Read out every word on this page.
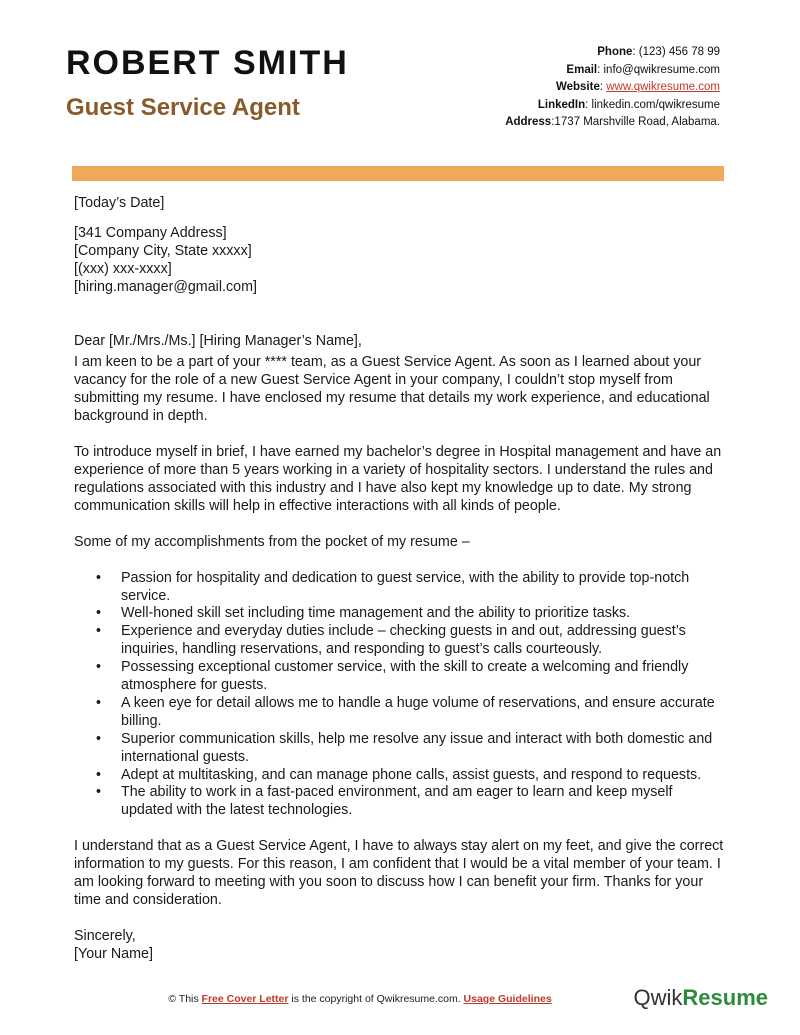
ROBERT SMITH
Guest Service Agent
Phone: (123) 456 78 99
Email: info@qwikresume.com
Website: www.qwikresume.com
LinkedIn: linkedin.com/qwikresume
Address:1737 Marshville Road, Alabama.

[Today’s Date]

[341 Company Address]

[Company City, State xxxxx]

[(xxx) xxx-xxxx]

[hiring.manager@gmail.com]

Dear [Mr./Mrs./Ms.] [Hiring Manager’s Name],

I am keen to be a part of your **** team, as a Guest Service Agent. As soon as I learned about your vacancy for the role of a new Guest Service Agent in your company, I couldn’t stop myself from submitting my resume. I have enclosed my resume that details my work experience, and educational background in depth.

To introduce myself in brief, I have earned my bachelor’s degree in Hospital management and have an experience of more than 5 years working in a variety of hospitality sectors. I understand the rules and regulations associated with this industry and I have also kept my knowledge up to date. My strong communication skills will help in effective interactions with all kinds of people.

Some of my accomplishments from the pocket of my resume –

• Passion for hospitality and dedication to guest service, with the ability to provide top-notch service.
• Well-honed skill set including time management and the ability to prioritize tasks.
• Experience and everyday duties include – checking guests in and out, addressing guest’s inquiries, handling reservations, and responding to guest’s calls courteously.
• Possessing exceptional customer service, with the skill to create a welcoming and friendly atmosphere for guests.
• A keen eye for detail allows me to handle a huge volume of reservations, and ensure accurate billing.
• Superior communication skills, help me resolve any issue and interact with both domestic and international guests.
• Adept at multitasking, and can manage phone calls, assist guests, and respond to requests.
• The ability to work in a fast-paced environment, and am eager to learn and keep myself updated with the latest technologies.

I understand that as a Guest Service Agent, I have to always stay alert on my feet, and give the correct information to my guests. For this reason, I am confident that I would be a vital member of your team. I am looking forward to meeting with you soon to discuss how I can benefit your firm. Thanks for your time and consideration.

Sincerely,

[Your Name]

© This Free Cover Letter is the copyright of Qwikresume.com. Usage Guidelines	QwikResume
